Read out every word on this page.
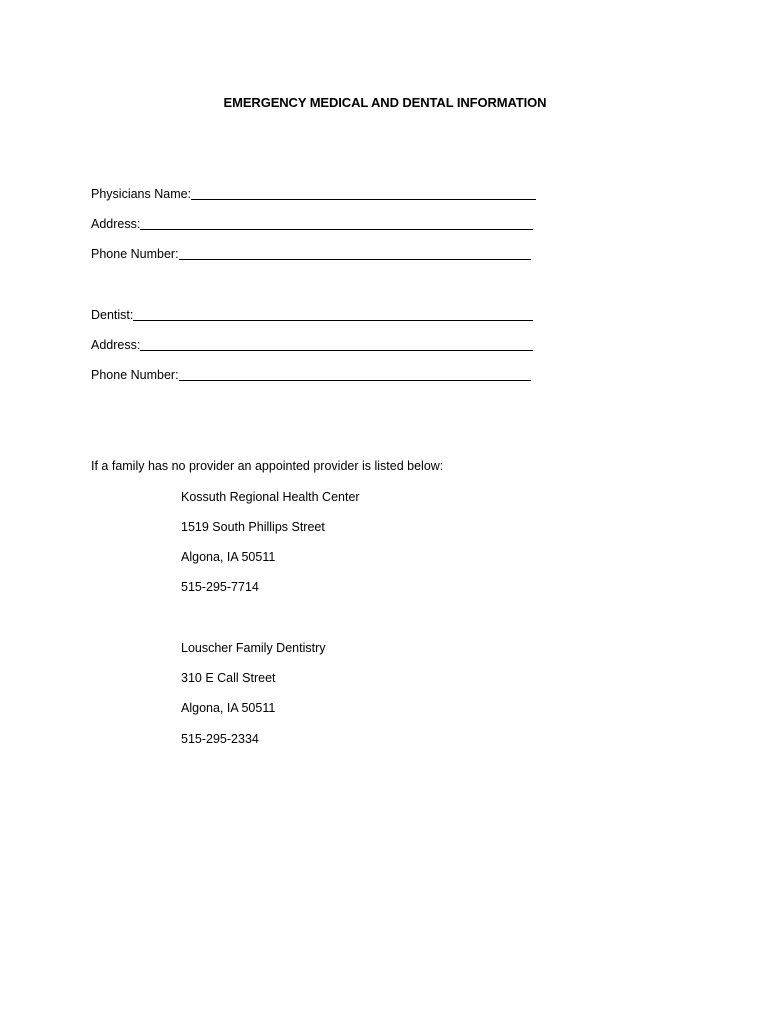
EMERGENCY MEDICAL AND DENTAL INFORMATION
Physicians Name:
Address:
Phone Number:
Dentist:
Address:
Phone Number:
If a family has no provider an appointed provider is listed below:
Kossuth Regional Health Center
1519 South Phillips Street
Algona, IA 50511
515-295-7714
Louscher Family Dentistry
310 E Call Street
Algona, IA 50511
515-295-2334
